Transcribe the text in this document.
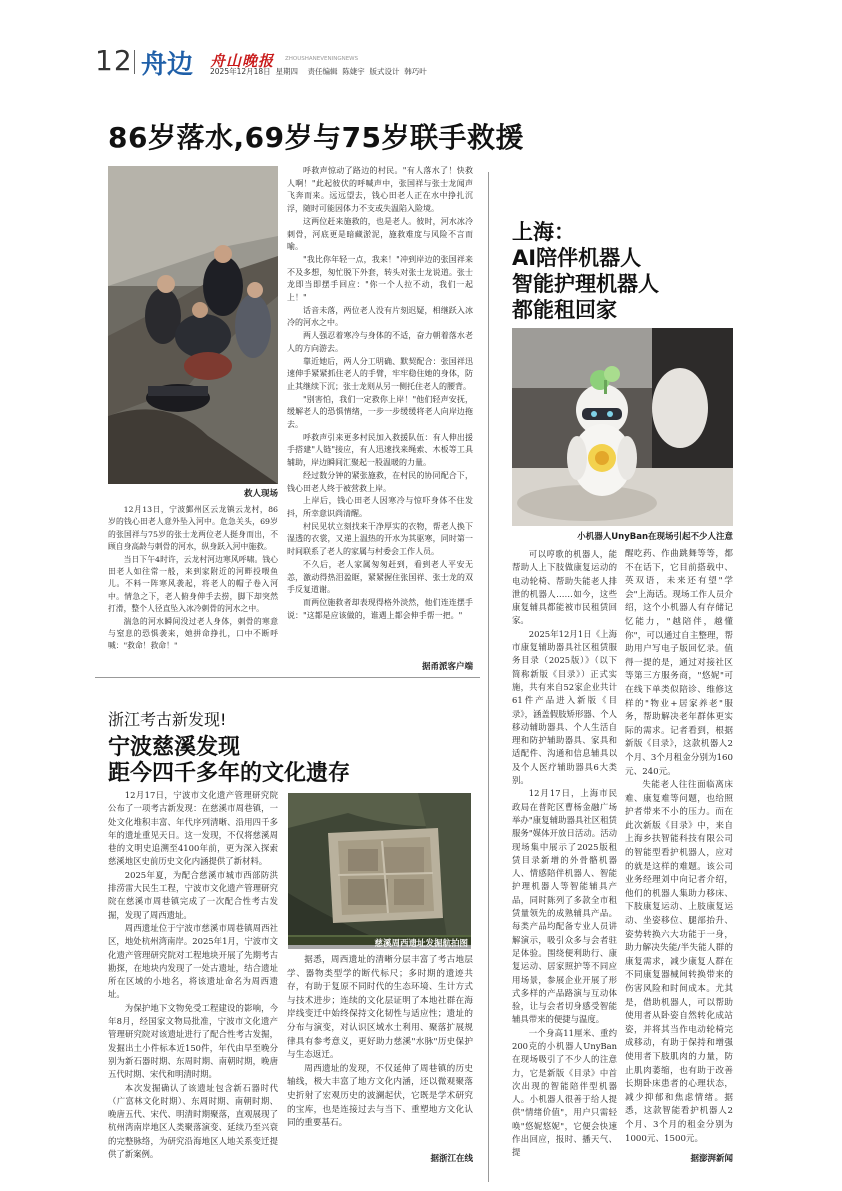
12 舟边 舟山晚报 ZHOUSHANEVENINGNEWS
2025年12月18日  星期四    责任编辑  陈婕宇  版式设计  韩巧叶
86岁落水,69岁与75岁联手救援
救人现场

12月13日，宁波鄞州区云龙镇云龙村，86岁的钱心田老人意外坠入河中。危急关头，69岁的张国祥与75岁的张士龙两位老人挺身而出，不顾自身高龄与刺骨的河水，纵身跃入河中施救。

当日下午4时许，云龙村河边寒风呼啸。钱心田老人如往常一般，来到家附近的河畔投喂鱼儿。不料一阵寒风袭起，将老人的帽子卷入河中。情急之下，老人俯身伸手去捞，脚下却突然打滑，整个人径直坠入冰冷刺骨的河水之中。

湍急的河水瞬间没过老人身体，刺骨的寒意与窒息的恐惧袭来，她拼命挣扎，口中不断呼喊："救命！救命！"

呼救声惊动了路边的村民。"有人落水了！快救人啊！"此起彼伏的呼喊声中，张国祥与张士龙闻声飞奔而来。远远望去，钱心田老人正在水中挣扎沉浮，随时可能因体力不支或失温陷入险境。

这两位赶来施救的，也是老人。彼时，河水冰冷刺骨，河底更是暗藏淤泥，施救难度与风险不言而喻。

"我比你年轻一点，我来！"冲到岸边的张国祥来不及多想，匆忙脱下外套，转头对张士龙说道。张士龙即当即摆手回应："你一个人拉不动，我们一起上！"

话音未落，两位老人没有片刻迟疑，相继跃入冰冷的河水之中。

两人强忍着寒冷与身体的不适，奋力朝着落水老人的方向游去。

靠近她后，两人分工明确、默契配合：张国祥迅速伸手紧紧抓住老人的手臂，牢牢稳住她的身体，防止其继续下沉；张士龙则从另一侧托住老人的腰背。

"别害怕，我们一定救你上岸！"他们轻声安抚，缓解老人的恐惧情绪，一步一步缓缓将老人向岸边拖去。

呼救声引来更多村民加入救援队伍：有人伸出援手搭建"人链"接应，有人迅速找来绳索、木板等工具辅助，岸边瞬间汇聚起一股温暖的力量。

经过数分钟的紧张施救，在村民的协同配合下，钱心田老人终于被营救上岸。

上岸后，钱心田老人因寒冷与惊吓身体不住发抖，所幸意识尚清醒。

村民见状立刻找来干净厚实的衣物，帮老人换下湿透的衣裳，又递上温热的开水为其驱寒，同时第一时间联系了老人的家属与村委会工作人员。

不久后，老人家属匆匆赶到，看到老人平安无恙，激动得热泪盈眶，紧紧握住张国祥、张士龙的双手反复道谢。

而两位施救者却表现得格外淡然，他们连连摆手说："这都是应该做的，谁遇上都会伸手帮一把。"

据甬派客户端
浙江考古新发现!
宁波慈溪发现
距今四千多年的文化遗存

12月17日，宁波市文化遗产管理研究院公布了一项考古新发现：在慈溪市周巷镇，一处文化堆积丰富、年代序列清晰、沿用四千多年的遗址重见天日。这一发现，不仅将慈溪周巷的文明史追溯至4100年前，更为深入探索慈溪地区史前历史文化内涵提供了新材料。

2025年夏，为配合慈溪市城市西部防洪排涝雷大民生工程，宁波市文化遗产管理研究院在慈溪市周巷镇完成了一次配合性考古发掘，发现了周西遗址。

周西遗址位于宁波市慈溪市周巷镇周西社区，地处杭州湾南岸。2025年1月，宁波市文化遗产管理研究院对工程地块开展了先期考古勘探，在地块内发现了一处古遗址，结合遗址所在区域的小地名，将该遗址命名为周西遗址。

为保护地下文物免受工程建设的影响，今年8月，经国家文物局批准，宁波市文化遗产管理研究院对该遗址进行了配合性考古发掘，发掘出土小件标本近150件，年代由早至晚分别为新石器时期、东周时期、南朝时期，晚唐五代时期、宋代和明清时期。

本次发掘确认了该遗址包含新石器时代（广富林文化时期）、东周时期、南朝时期、晚唐五代、宋代、明清时期聚落，直观展现了杭州湾南岸地区人类聚落演变、延续乃至兴衰的完整脉络，为研究沿海地区人地关系变迁提供了新案例。

慈溪周西遗址发掘航拍图

据悉，周西遗址的清晰分层丰富了考古地层学、器物类型学的断代标尺；多时期的遗迹共存，有助于复原不同时代的生态环境、生计方式与技术进步；连续的文化层证明了本地社群在海岸线变迁中始终保持文化韧性与适应性；遗址的分布与演变，对认识区域水土利用、聚落扩展规律具有参考意义，更好助力慈溪"水脉"历史保护与生态返迁。

周西遗址的发现，不仅延伸了周巷镇的历史轴线，极大丰富了地方文化内涵，还以微观聚落史折射了宏观历史的波澜起伏，它既是学术研究的宝库，也是连接过去与当下、重塑地方文化认同的重要基石。

据浙江在线
上海：
AI陪伴机器人
智能护理机器人
都能租回家
小机器人UnyBan在现场引起不少人注意

可以哼歌的机器人，能帮助人上下肢做康复运动的电动轮椅、帮助失能老人排泄的机器人……如今，这些康复辅具都能被市民租赁回家。

2025年12月1日《上海市康复辅助器具社区租赁服务目录（2025版）》（以下简称新版《目录》）正式实施，共有来自52家企业共计61件产品进入新版《目录》，涵盖假肢矫形器、个人移动辅助器具、个人生活自理和防护辅助器具、家具和适配件、沟通和信息辅具以及个人医疗辅助器具6大类别。

12月17日，上海市民政局在普陀区曹杨金融广场举办"康复辅助器具社区租赁服务"媒体开放日活动。活动现场集中展示了2025版租赁目录新增的外骨骼机器人、情感陪伴机器人、智能护理机器人等智能辅具产品，同时陈列了多款全市租赁量领先的成熟辅具产品。每类产品均配备专业人员讲解演示，吸引众多与会者驻足体验。围绕便利助行、康复运动、居家照护等不同应用场景，参展企业开展了形式多样的产品路演与互动体验，让与会者切身感受智能辅具带来的便捷与温度。

一个身高11厘米、重约200克的小机器人UnyBan在现场吸引了不少人的注意力，它是新版《目录》中首次出现的智能陪伴型机器人。小机器人很善于给人提供"情绪价值"，用户只需轻唤"悠妮悠妮"，它便会快速作出回应，报时、播天气、提

醒吃药、作曲跳舞等等，都不在话下，它目前搭载中、英双语，未来还有望"学会"上海话。现场工作人员介绍，这个小机器人有存储记忆能力，"越陪伴，越懂你"，可以通过自主整理，帮助用户写电子版回忆录。值得一提的是，通过对接社区等第三方服务商，"悠妮"可在线下单类似陪诊、维修这样的"物业+居家养老"服务，帮助解决老年群体更实际的需求。记者看到，根据新版《目录》，这款机器人2个月、3个月租金分别为160元、240元。

失能老人往往面临离床难、康复难等问题，也给照护者带来不小的压力。而在此次新版《目录》中，来自上海乡扶智能科技有限公司的智能型看护机器人，应对的就是这样的难题。该公司业务经理刘中向记者介绍，他们的机器人集助力移床、下肢康复运动、上肢康复运动、坐姿移位、腿部抬升、姿势转换六大功能于一身，助力解决失能/半失能人群的康复需求，减少康复人群在不同康复器械间转换带来的伤害风险和时间成本。尤其是，借助机器人，可以帮助使用者从卧姿自然转化成站姿，并将其当作电动轮椅完成移动，有助于保持和增强使用者下肢肌肉的力量，防止肌肉萎缩，也有助于改善长期卧床患者的心理状态，减少抑郁和焦虑情绪。据悉，这款智能看护机器人2个月、3个月的租金分别为1000元、1500元。

据澎湃新闻
